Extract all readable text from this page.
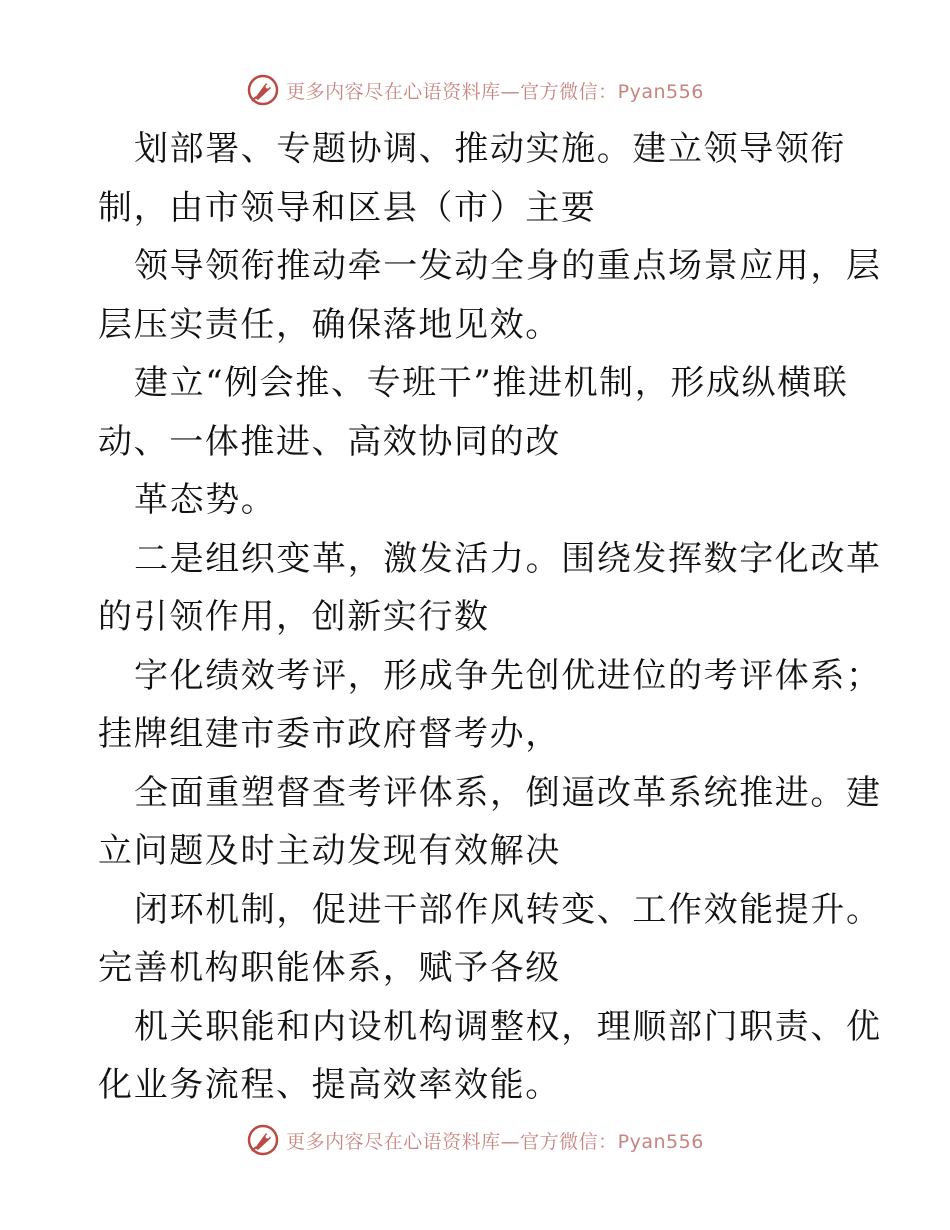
更多内容尽在心语资料库—官方微信：Pyan556

划部署、专题协调、推动实施。建立领导领衔
制，由市领导和区县（市）主要

领导领衔推动牵一发动全身的重点场景应用，层
层压实责任，确保落地见效。

建立“例会推、专班干”推进机制，形成纵横联
动、一体推进、高效协同的改

革态势。

二是组织变革，激发活力。围绕发挥数字化改革
的引领作用，创新实行数

字化绩效考评，形成争先创优进位的考评体系；
挂牌组建市委市政府督考办，

全面重塑督查考评体系，倒逼改革系统推进。建
立问题及时主动发现有效解决

闭环机制，促进干部作风转变、工作效能提升。
完善机构职能体系，赋予各级

机关职能和内设机构调整权，理顺部门职责、优
化业务流程、提高效率效能。

更多内容尽在心语资料库—官方微信：Pyan556
